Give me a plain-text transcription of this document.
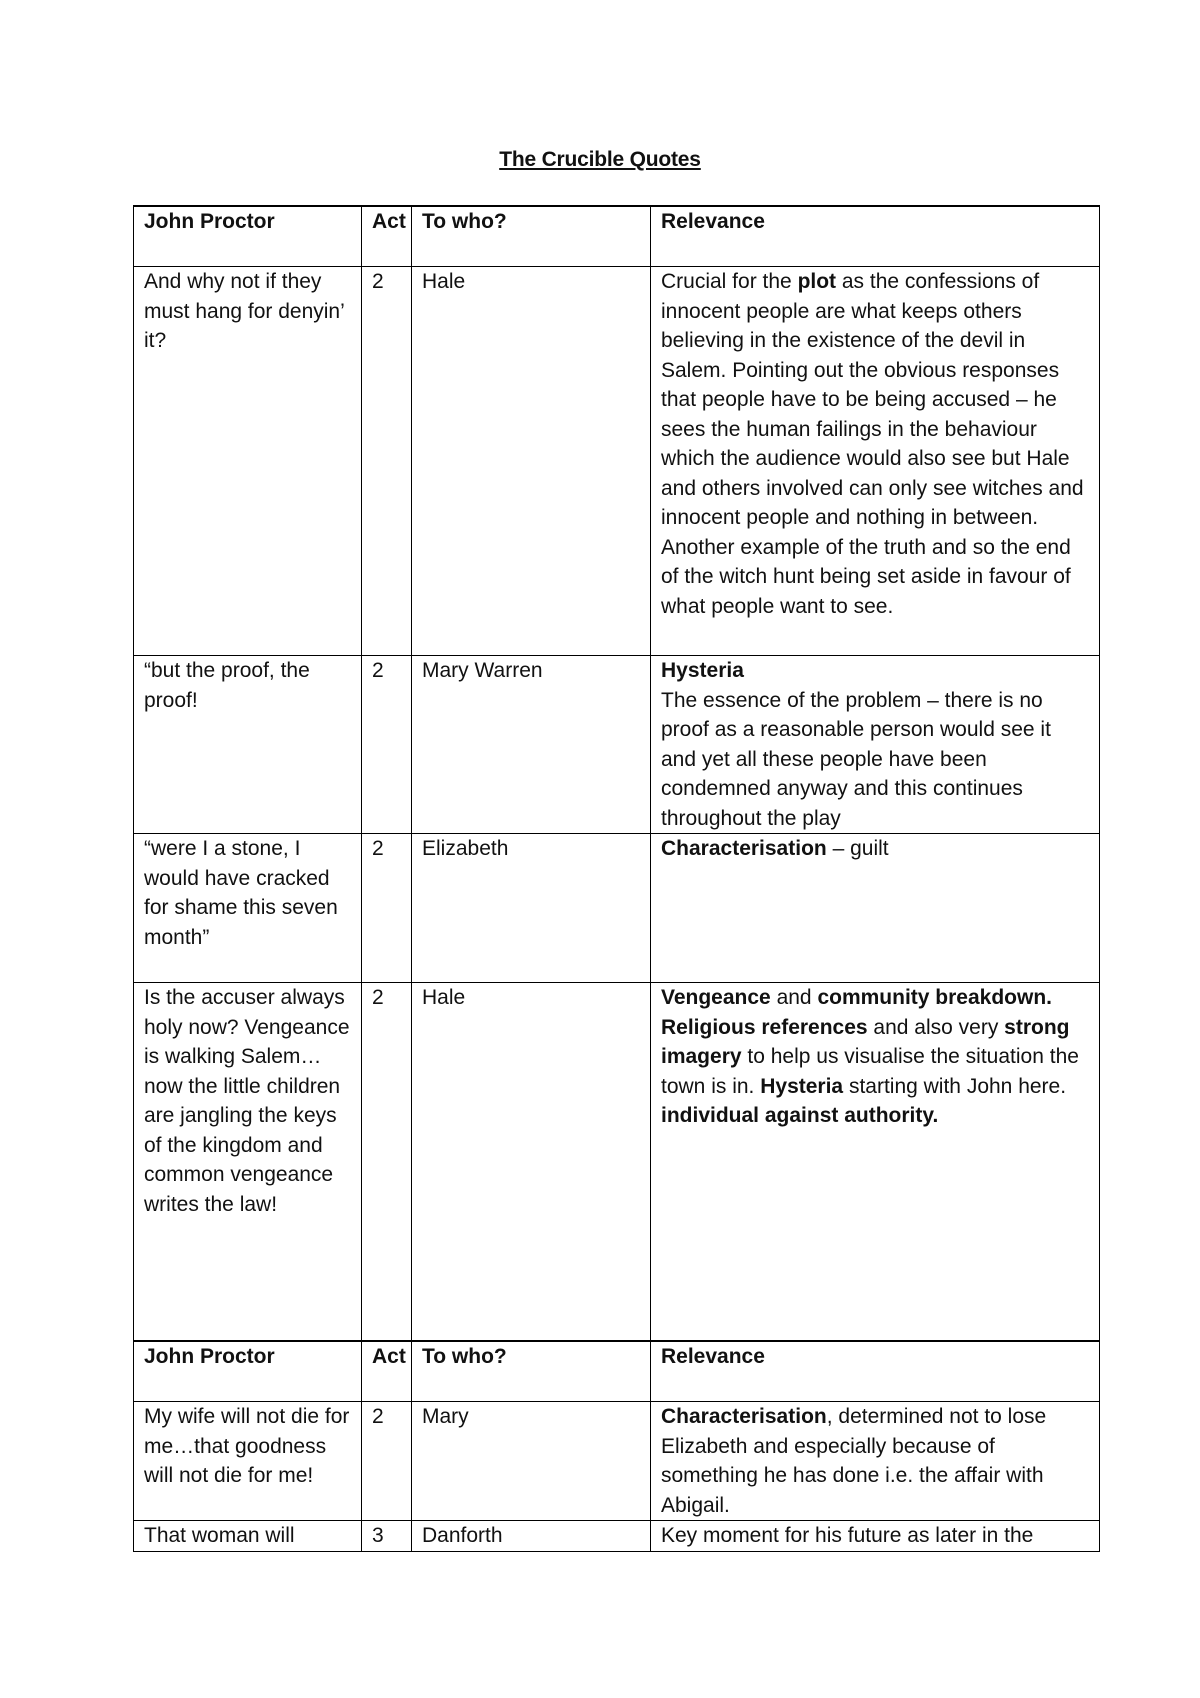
The Crucible Quotes
John Proctor	Act	To who?	Relevance
And why not if they must hang for denyin’ it?	2	Hale	Crucial for the plot as the confessions of innocent people are what keeps others believing in the existence of the devil in Salem. Pointing out the obvious responses that people have to be being accused – he sees the human failings in the behaviour which the audience would also see but Hale and others involved can only see witches and innocent people and nothing in between.
Another example of the truth and so the end of the witch hunt being set aside in favour of what people want to see.

“but the proof, the proof!	2	Mary Warren	Hysteria
The essence of the problem – there is no proof as a reasonable person would see it and yet all these people have been condemned anyway and this continues throughout the play

“were I a stone, I would have cracked for shame this seven month”	2	Elizabeth	Characterisation – guilt
Is the accuser always holy now? Vengeance is walking Salem…now the little children are jangling the keys of the kingdom and common vengeance writes the law!	2	Hale	Vengeance and community breakdown. Religious references and also very strong imagery to help us visualise the situation the town is in. Hysteria starting with John here. individual against authority.
John Proctor	Act	To who?	Relevance
My wife will not die for me…that goodness will not die for me!	2	Mary	Characterisation, determined not to lose Elizabeth and especially because of something he has done i.e. the affair with Abigail.
That woman will	3	Danforth	Key moment for his future as later in the
